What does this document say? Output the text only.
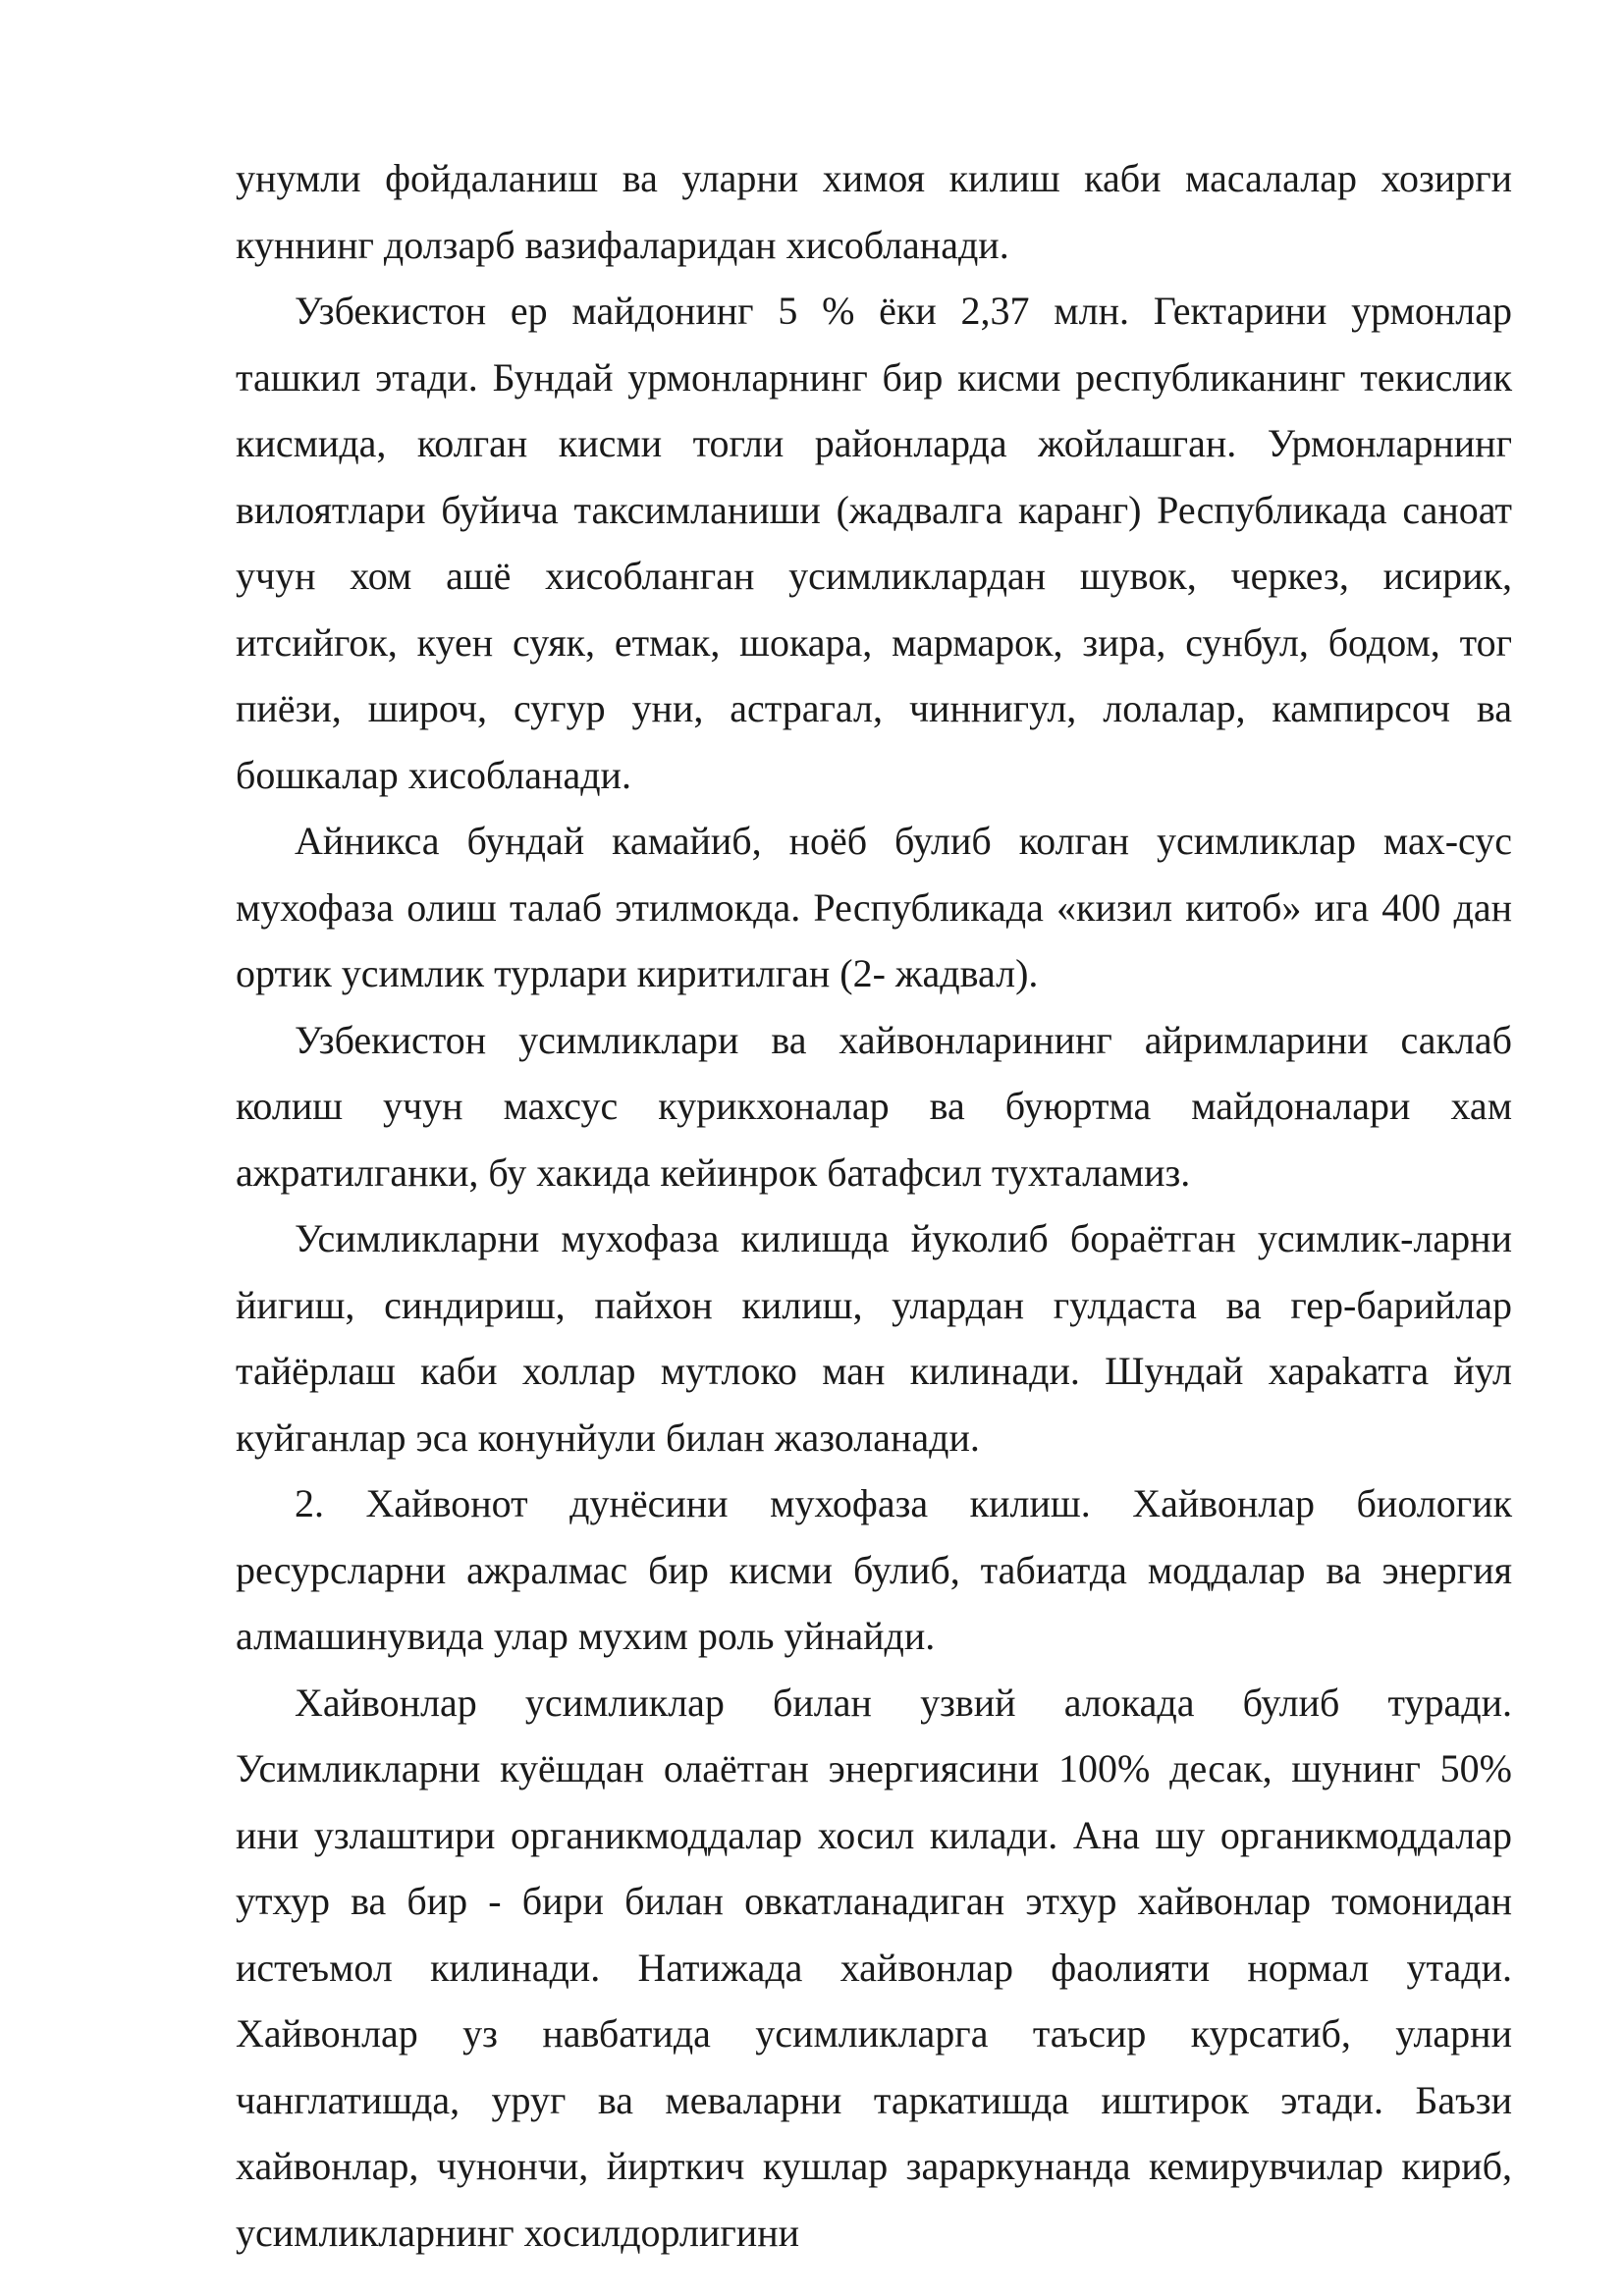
унумли фойдаланиш ва уларни химоя килиш каби масалалар хозирги куннинг долзарб вазифаларидан хисобланади.

Узбекистон ер майдонинг 5 % ёки 2,37 млн. Гектарини урмонлар ташкил этади. Бундай урмонларнинг бир кисми республиканинг текислик кисмида, колган кисми тогли районларда жойлашган. Урмонларнинг вилоятлари буйича таксимланиши (жадвалга каранг) Республикада саноат учун хом ашё хисобланган усимликлардан шувок, черкез, исирик, итсийгок, куен суяк, етмак, шокара, мармарок, зира, сунбул, бодом, тог пиёзи, широч, сугур уни, астрагал, чиннигул, лолалар, кампирсоч ва бошкалар хисобланади.

Айникса бундай камайиб, ноёб булиб колган усимликлар мах-сус мухофаза олиш талаб этилмокда. Республикада «кизил китоб» ига 400 дан ортик усимлик турлари киритилган (2- жадвал).

Узбекистон усимликлари ва хайвонларининг айримларини саклаб колиш учун махсус курикхоналар ва буюртма майдоналари хам ажратилганки, бу хакида кейинрок батафсил тухталамиз.

Усимликларни мухофаза килишда йуколиб бораётган усимлик-ларни йигиш, синдириш, пайхон килиш, улардан гулдаста ва гер-барийлар тайёрлаш каби холлар мутлоко ман килинади. Шундай хараkатга йул куйганлар эса конунйули билан жазоланади.

2. Хайвонот дунёсини мухофаза килиш. Хайвонлар биологик ресурсларни ажралмас бир кисми булиб, табиатда моддалар ва энергия алмашинувида улар мухим роль уйнайди.

Хайвонлар усимликлар билан узвий алокада булиб туради. Усимликларни куёшдан олаётган энергиясини 100% десак, шунинг 50% ини узлаштири органикмоддалар хосил килади. Ана шу органикмоддалар утхур ва бир - бири билан овкатланадиган этхур хайвонлар томонидан истеъмол килинади. Натижада хайвонлар фаолияти нормал утади. Хайвонлар уз навбатида усимликларга таъсир курсатиб, уларни чанглатишда, уруг ва меваларни таркатишда иштирок этади. Баъзи хайвонлар, чунончи, йирткич кушлар зараркунанда кемирувчилар кириб, усимликларнинг хосилдорлигини
